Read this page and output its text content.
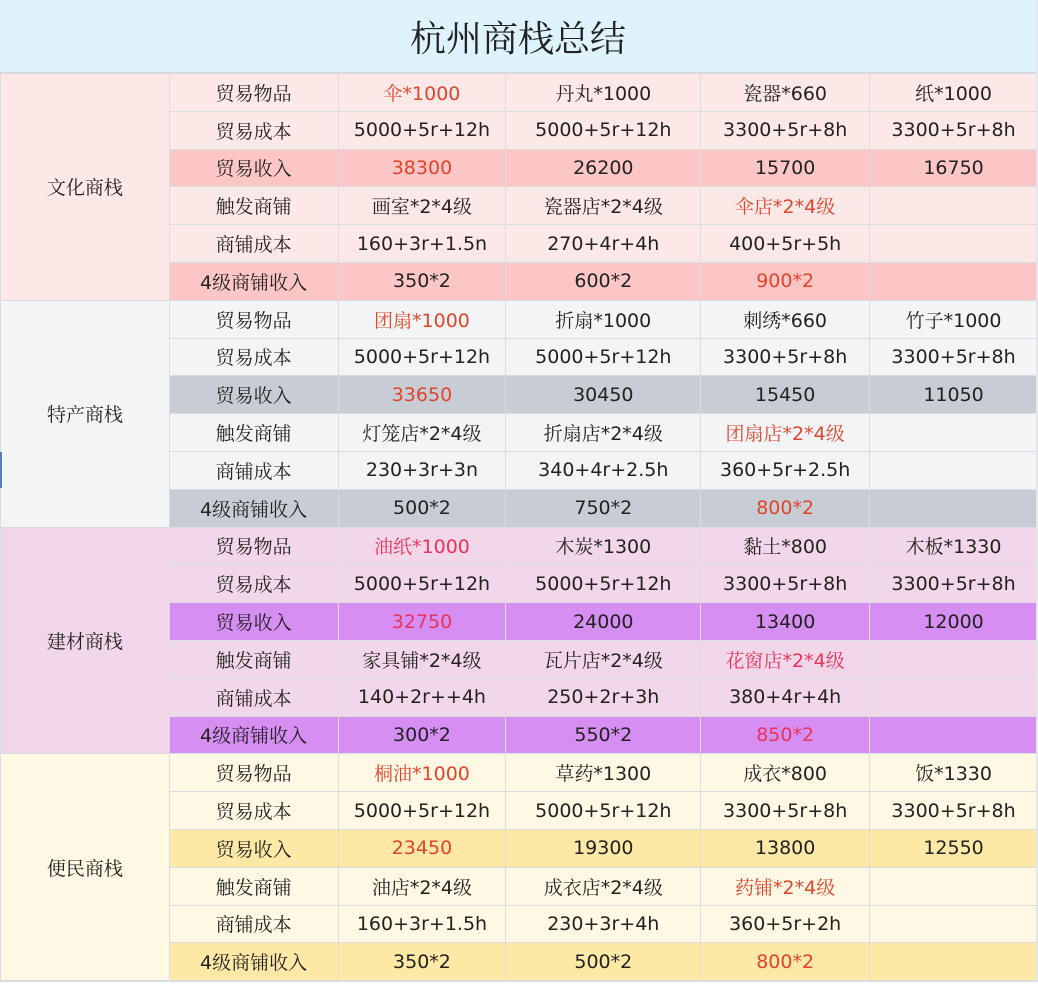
杭州商栈总结
文化商栈	贸易物品	伞*1000	丹丸*1000	瓷器*660	纸*1000
	贸易成本	5000+5r+12h	5000+5r+12h	3300+5r+8h	3300+5r+8h
	贸易收入	38300	26200	15700	16750
	触发商铺	画室*2*4级	瓷器店*2*4级	伞店*2*4级	
	商铺成本	160+3r+1.5n	270+4r+4h	400+5r+5h	
	4级商铺收入	350*2	600*2	900*2	
特产商栈	贸易物品	团扇*1000	折扇*1000	刺绣*660	竹子*1000
	贸易成本	5000+5r+12h	5000+5r+12h	3300+5r+8h	3300+5r+8h
	贸易收入	33650	30450	15450	11050
	触发商铺	灯笼店*2*4级	折扇店*2*4级	团扇店*2*4级	
	商铺成本	230+3r+3n	340+4r+2.5h	360+5r+2.5h	
	4级商铺收入	500*2	750*2	800*2	
建材商栈	贸易物品	油纸*1000	木炭*1300	黏土*800	木板*1330
	贸易成本	5000+5r+12h	5000+5r+12h	3300+5r+8h	3300+5r+8h
	贸易收入	32750	24000	13400	12000
	触发商铺	家具铺*2*4级	瓦片店*2*4级	花窗店*2*4级	
	商铺成本	140+2r++4h	250+2r+3h	380+4r+4h	
	4级商铺收入	300*2	550*2	850*2	
便民商栈	贸易物品	桐油*1000	草药*1300	成衣*800	饭*1330
	贸易成本	5000+5r+12h	5000+5r+12h	3300+5r+8h	3300+5r+8h
	贸易收入	23450	19300	13800	12550
	触发商铺	油店*2*4级	成衣店*2*4级	药铺*2*4级	
	商铺成本	160+3r+1.5h	230+3r+4h	360+5r+2h	
	4级商铺收入	350*2	500*2	800*2	
